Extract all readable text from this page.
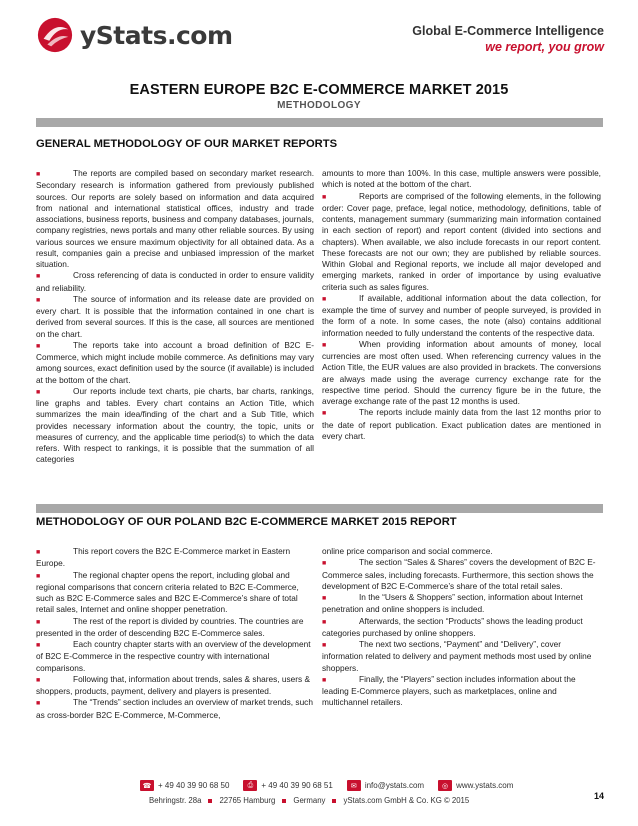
yStats.com	Global E-Commerce Intelligence
we report, you grow
EASTERN EUROPE B2C E-COMMERCE MARKET 2015
METHODOLOGY
GENERAL METHODOLOGY OF OUR MARKET REPORTS

■	The reports are compiled based on secondary market research. Secondary research is information gathered from previously published sources. Our reports are solely based on information and data acquired from national and international statistical offices, industry and trade associations, business reports, business and company databases, journals, company registries, news portals and many other reliable sources. By using various sources we ensure maximum objectivity for all obtained data. As a result, companies gain a precise and unbiased impression of the market situation.

■	Cross referencing of data is conducted in order to ensure validity and reliability.

■	The source of information and its release date are provided on every chart. It is possible that the information contained in one chart is derived from several sources. If this is the case, all sources are mentioned on the chart.

■	The reports take into account a broad definition of B2C E-Commerce, which might include mobile commerce. As definitions may vary among sources, exact definition used by the source (if available) is included at the bottom of the chart.

■	Our reports include text charts, pie charts, bar charts, rankings, line graphs and tables. Every chart contains an Action Title, which summarizes the main idea/finding of the chart and a Sub Title, which provides necessary information about the country, the topic, units or measures of currency, and the applicable time period(s) to which the data refers. With respect to rankings, it is possible that the summation of all categories

amounts to more than 100%. In this case, multiple answers were possible, which is noted at the bottom of the chart.

■	Reports are comprised of the following elements, in the following order: Cover page, preface, legal notice, methodology, definitions, table of contents, management summary (summarizing main information contained in each section of report) and report content (divided into sections and chapters). When available, we also include forecasts in our report content. These forecasts are not our own; they are published by reliable sources. Within Global and Regional reports, we include all major developed and emerging markets, ranked in order of importance by using evaluative criteria such as sales figures.

■	If available, additional information about the data collection, for example the time of survey and number of people surveyed, is provided in the form of a note. In some cases, the note (also) contains additional information needed to fully understand the contents of the respective data.

■	When providing information about amounts of money, local currencies are most often used. When referencing currency values in the Action Title, the EUR values are also provided in brackets. The conversions are always made using the average currency exchange rate for the respective time period. Should the currency figure be in the future, the average exchange rate of the past 12 months is used.

■	The reports include mainly data from the last 12 months prior to the date of report publication. Exact publication dates are mentioned in every chart.

METHODOLOGY OF OUR POLAND B2C E-COMMERCE MARKET 2015 REPORT

■	This report covers the B2C E-Commerce market in Eastern Europe.

■	The regional chapter opens the report, including global and regional comparisons that concern criteria related to B2C E-Commerce, such as B2C E-Commerce sales and B2C E-Commerce’s share of total retail sales, Internet and online shopper penetration.

■	The rest of the report is divided by countries. The countries are presented in the order of descending B2C E-Commerce sales.

■	Each country chapter starts with an overview of the development of B2C E-Commerce in the respective country with international comparisons.

■	Following that, information about trends, sales & shares, users & shoppers, products, payment, delivery and players is presented.

■	The “Trends” section includes an overview of market trends, such as cross-border B2C E-Commerce, M-Commerce,

online price comparison and social commerce.

■	The section “Sales & Shares” covers the development of B2C E-Commerce sales, including forecasts. Furthermore, this section shows the development of B2C E-Commerce’s share of the total retail sales.

■	In the “Users & Shoppers” section, information about Internet penetration and online shoppers is included.

■	Afterwards, the section “Products” shows the leading product categories purchased by online shoppers.

■	The next two sections, “Payment” and “Delivery”, cover information related to delivery and payment methods most used by online shoppers.

■	Finally, the “Players” section includes information about the leading E-Commerce players, such as marketplaces, online and multichannel retailers.

☎ + 49 40 39 90 68 50	⎙	+ 49 40 39 90 68 51	✉	info@ystats.com	◎ www.ystats.com
Behringstr. 28a 22765 Hamburg Germany yStats.com GmbH & Co. KG © 2015	14
